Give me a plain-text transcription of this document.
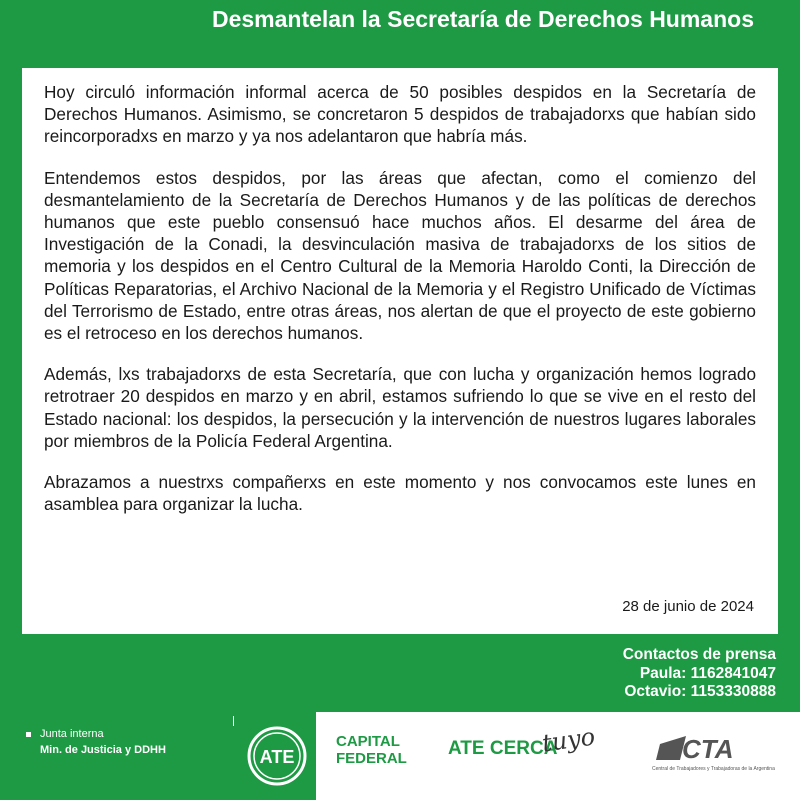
Desmantelan la Secretaría de Derechos Humanos

Hoy circuló información informal acerca de 50 posibles despidos en la Secretaría de Derechos Humanos. Asimismo, se concretaron 5 despidos de trabajadorxs que habían sido reincorporadxs en marzo y ya nos adelantaron que habría más.

Entendemos estos despidos, por las áreas que afectan, como el comienzo del desmantelamiento de la Secretaría de Derechos Humanos y de las políticas de derechos humanos que este pueblo consensuó hace muchos años. El desarme del área de Investigación de la Conadi, la desvinculación masiva de trabajadorxs de los sitios de memoria y los despidos en el Centro Cultural de la Memoria Haroldo Conti, la Dirección de Políticas Reparatorias, el Archivo Nacional de la Memoria y el Registro Unificado de Víctimas del Terrorismo de Estado, entre otras áreas, nos alertan de que el proyecto de este gobierno es el retroceso en los derechos humanos.

Además, lxs trabajadorxs de esta Secretaría, que con lucha y organización hemos logrado retrotraer 20 despidos en marzo y en abril, estamos sufriendo lo que se vive en el resto del Estado nacional: los despidos, la persecución y la intervención de nuestros lugares laborales por miembros de la Policía Federal Argentina.

Abrazamos a nuestrxs compañerxs en este momento y nos convocamos este lunes en asamblea para organizar la lucha.

28 de junio de 2024
Contactos de prensa
Paula: 1162841047
Octavio: 1153330888
Junta interna
Min. de Justicia y DDHH	ATE
CAPITAL
FEDERAL ATE CERCA
tuyo	CTA
Central de Trabajadores y Trabajadoras de la Argentina
